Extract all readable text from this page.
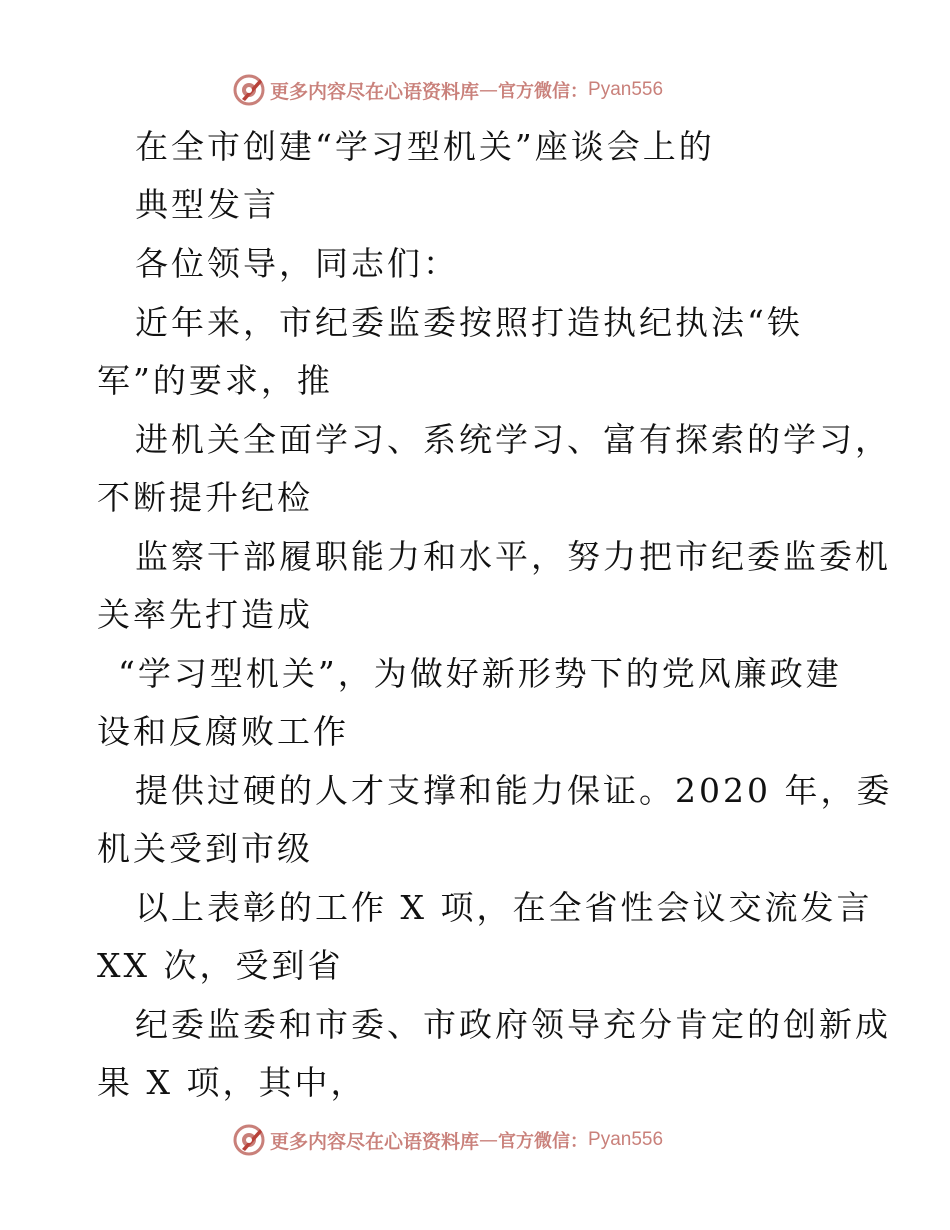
更多内容尽在心语资料库 — 官方微信： Pyan556
在全市创建“学习型机关”座谈会上的
典型发言
各位领导，同志们：
近年来，市纪委监委按照打造执纪执法“铁
军”的要求，推
进机关全面学习、系统学习、富有探索的学习，
不断提升纪检
监察干部履职能力和水平，努力把市纪委监委机
关率先打造成
“学习型机关”，为做好新形势下的党风廉政建
设和反腐败工作
提供过硬的人才支撑和能力保证。2020 年，委
机关受到市级
以上表彰的工作 X 项，在全省性会议交流发言
XX 次，受到省
纪委监委和市委、市政府领导充分肯定的创新成
果 X 项，其中，
更多内容尽在心语资料库 — 官方微信： Pyan556
